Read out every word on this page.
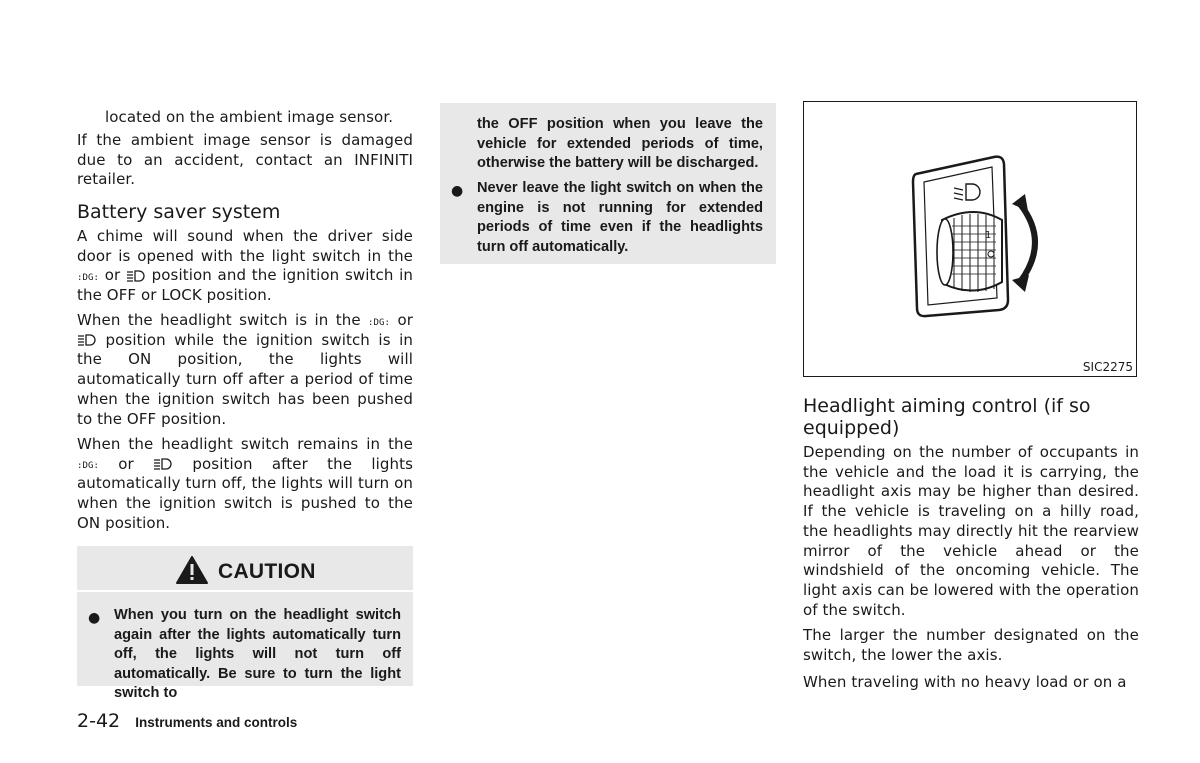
located on the ambient image sensor.

If the ambient image sensor is damaged due to an accident, contact an INFINITI retailer.

Battery saver system

A chime will sound when the driver side door is opened with the light switch in the
:DG: or position and the ignition switch in the OFF or LOCK position.

When the headlight switch is in the :DG: or  position while the ignition switch is in the ON position, the lights will automatically turn off after a period of time when the ignition switch has been pushed to the OFF position.

When the headlight switch remains in the
:DG: or	position after the lights automatically turn off, the lights will turn on when the ignition switch is pushed to the ON position.

CAUTION
● When you turn on the headlight switch again after the lights automatically turn off, the lights will not turn off automatically. Be sure to turn the light switch to

the OFF position when you leave the vehicle for extended periods of time, otherwise the battery will be discharged.

● Never leave the light switch on when the engine is not running for extended periods of time even if the headlights turn off automatically.

1
SIC2275
Headlight aiming control (if so equipped)

Depending on the number of occupants in the vehicle and the load it is carrying, the headlight axis may be higher than desired. If the vehicle is traveling on a hilly road, the headlights may directly hit the rearview mirror of the vehicle ahead or the windshield of the oncoming vehicle. The light axis can be lowered with the operation of the switch.

The larger the number designated on the switch, the lower the axis.

When traveling with no heavy load or on a

2-42 Instruments and controls
